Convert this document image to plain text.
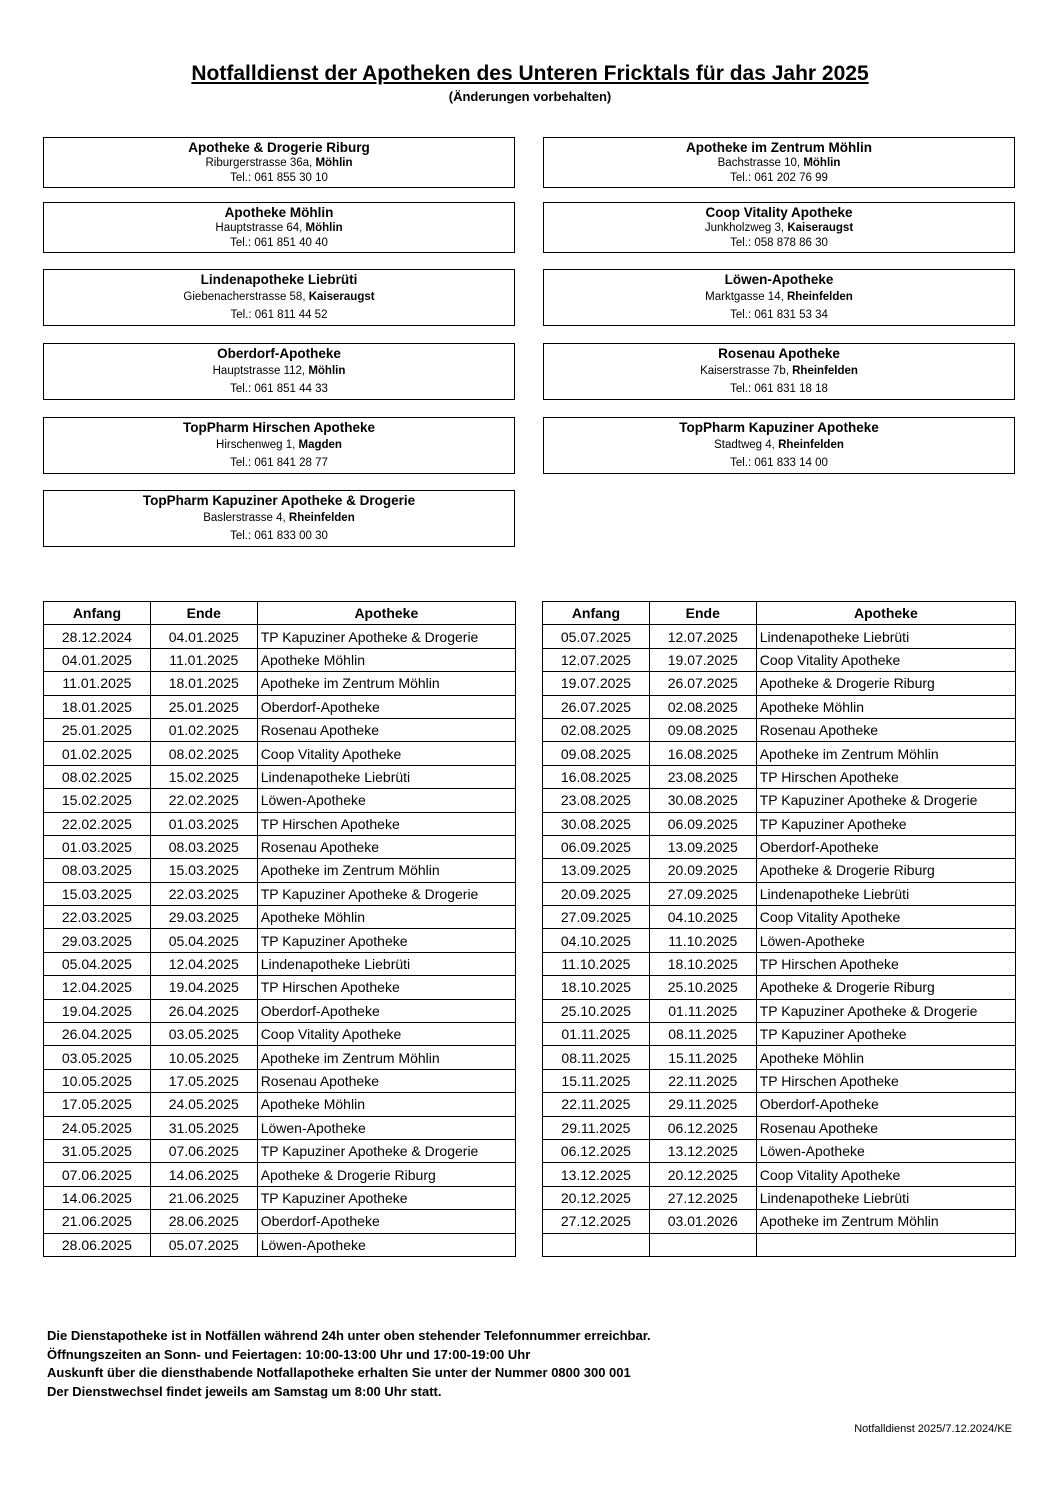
Notfalldienst der Apotheken des Unteren Fricktals für das Jahr 2025
(Änderungen vorbehalten)
Apotheke & Drogerie Riburg
Riburgerstrasse 36a, Möhlin
Tel.: 061 855 30 10
Apotheke im Zentrum Möhlin
Bachstrasse 10, Möhlin
Tel.: 061 202 76 99
Apotheke Möhlin
Hauptstrasse 64, Möhlin
Tel.: 061 851 40 40
Coop Vitality Apotheke
Junkholzweg 3, Kaiseraugst
Tel.: 058 878 86 30
Lindenapotheke Liebrüti
Giebenacherstrasse 58, Kaiseraugst
Tel.: 061 811 44 52
Löwen-Apotheke
Marktgasse 14, Rheinfelden
Tel.: 061 831 53 34
Oberdorf-Apotheke
Hauptstrasse 112, Möhlin
Tel.: 061 851 44 33
Rosenau Apotheke
Kaiserstrasse 7b, Rheinfelden
Tel.: 061 831 18 18
TopPharm Hirschen Apotheke
Hirschenweg 1, Magden
Tel.: 061 841 28 77
TopPharm Kapuziner Apotheke
Stadtweg 4, Rheinfelden
Tel.: 061 833 14 00
TopPharm Kapuziner Apotheke & Drogerie
Baslerstrasse 4, Rheinfelden
Tel.: 061 833 00 30
Anfang	Ende	Apotheke
28.12.2024	04.01.2025	TP Kapuziner Apotheke & Drogerie
04.01.2025	11.01.2025	Apotheke Möhlin
11.01.2025	18.01.2025	Apotheke im Zentrum Möhlin
18.01.2025	25.01.2025	Oberdorf-Apotheke
25.01.2025	01.02.2025	Rosenau Apotheke
01.02.2025	08.02.2025	Coop Vitality Apotheke
08.02.2025	15.02.2025	Lindenapotheke Liebrüti
15.02.2025	22.02.2025	Löwen-Apotheke
22.02.2025	01.03.2025	TP Hirschen Apotheke
01.03.2025	08.03.2025	Rosenau Apotheke
08.03.2025	15.03.2025	Apotheke im Zentrum Möhlin
15.03.2025	22.03.2025	TP Kapuziner Apotheke & Drogerie
22.03.2025	29.03.2025	Apotheke Möhlin
29.03.2025	05.04.2025	TP Kapuziner Apotheke
05.04.2025	12.04.2025	Lindenapotheke Liebrüti
12.04.2025	19.04.2025	TP Hirschen Apotheke
19.04.2025	26.04.2025	Oberdorf-Apotheke
26.04.2025	03.05.2025	Coop Vitality Apotheke
03.05.2025	10.05.2025	Apotheke im Zentrum Möhlin
10.05.2025	17.05.2025	Rosenau Apotheke
17.05.2025	24.05.2025	Apotheke Möhlin
24.05.2025	31.05.2025	Löwen-Apotheke
31.05.2025	07.06.2025	TP Kapuziner Apotheke & Drogerie
07.06.2025	14.06.2025	Apotheke & Drogerie Riburg
14.06.2025	21.06.2025	TP Kapuziner Apotheke
21.06.2025	28.06.2025	Oberdorf-Apotheke
28.06.2025	05.07.2025	Löwen-Apotheke
Anfang	Ende	Apotheke
05.07.2025	12.07.2025	Lindenapotheke Liebrüti
12.07.2025	19.07.2025	Coop Vitality Apotheke
19.07.2025	26.07.2025	Apotheke & Drogerie Riburg
26.07.2025	02.08.2025	Apotheke Möhlin
02.08.2025	09.08.2025	Rosenau Apotheke
09.08.2025	16.08.2025	Apotheke im Zentrum Möhlin
16.08.2025	23.08.2025	TP Hirschen Apotheke
23.08.2025	30.08.2025	TP Kapuziner Apotheke & Drogerie
30.08.2025	06.09.2025	TP Kapuziner Apotheke
06.09.2025	13.09.2025	Oberdorf-Apotheke
13.09.2025	20.09.2025	Apotheke & Drogerie Riburg
20.09.2025	27.09.2025	Lindenapotheke Liebrüti
27.09.2025	04.10.2025	Coop Vitality Apotheke
04.10.2025	11.10.2025	Löwen-Apotheke
11.10.2025	18.10.2025	TP Hirschen Apotheke
18.10.2025	25.10.2025	Apotheke & Drogerie Riburg
25.10.2025	01.11.2025	TP Kapuziner Apotheke & Drogerie
01.11.2025	08.11.2025	TP Kapuziner Apotheke
08.11.2025	15.11.2025	Apotheke Möhlin
15.11.2025	22.11.2025	TP Hirschen Apotheke
22.11.2025	29.11.2025	Oberdorf-Apotheke
29.11.2025	06.12.2025	Rosenau Apotheke
06.12.2025	13.12.2025	Löwen-Apotheke
13.12.2025	20.12.2025	Coop Vitality Apotheke
20.12.2025	27.12.2025	Lindenapotheke Liebrüti
27.12.2025	03.01.2026	Apotheke im Zentrum Möhlin

Die Dienstapotheke ist in Notfällen während 24h unter oben stehender Telefonnummer erreichbar.
Öffnungszeiten an Sonn- und Feiertagen: 10:00-13:00 Uhr und 17:00-19:00 Uhr
Auskunft über die diensthabende Notfallapotheke erhalten Sie unter der Nummer 0800 300 001
Der Dienstwechsel findet jeweils am Samstag um 8:00 Uhr statt.
Notfalldienst 2025/7.12.2024/KE
